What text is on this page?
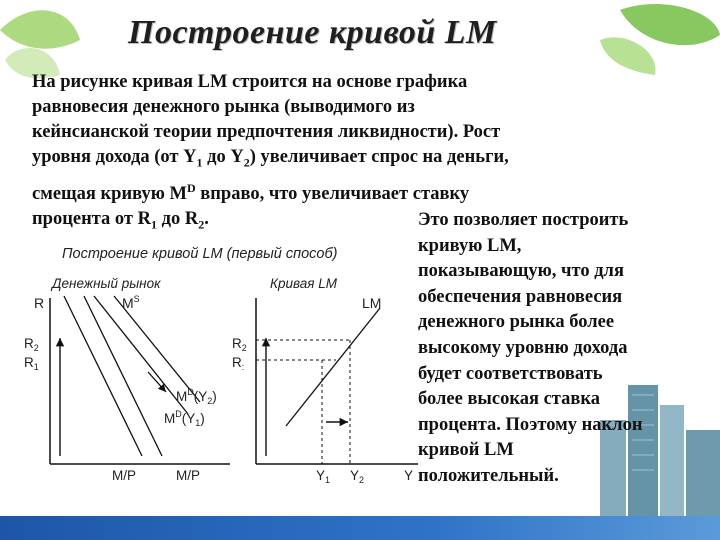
Построение кривой LM
На рисунке кривая LM строится на основе графика
равновесия денежного рынка (выводимого из
кейнсианской теории предпочтения ликвидности). Рост
уровня дохода (от $Y_1$ до $Y_2$) увеличивает спрос на деньги,
смещая кривую $M^D$ вправо, что увеличивает ставку
процента от $R_1$ до $R_2$.	Это позволяет построить
кривую LM,
показывающую, что для
обеспечения равновесия
денежного рынка более
высокому уровню дохода
будет соответствовать
более высокая ставка
процента. Поэтому наклон
кривой LM
положительный.
Построение кривой LM (первый способ)
Денежный рынок
R	$M^S$
$R_2$
$R_1$
$M^D(Y_2)$
$M^D(Y_1)$
M/P	M/P
Кривая LM
$R_2$
$R_:$
LM
$Y_1$ $Y_2$	Y
